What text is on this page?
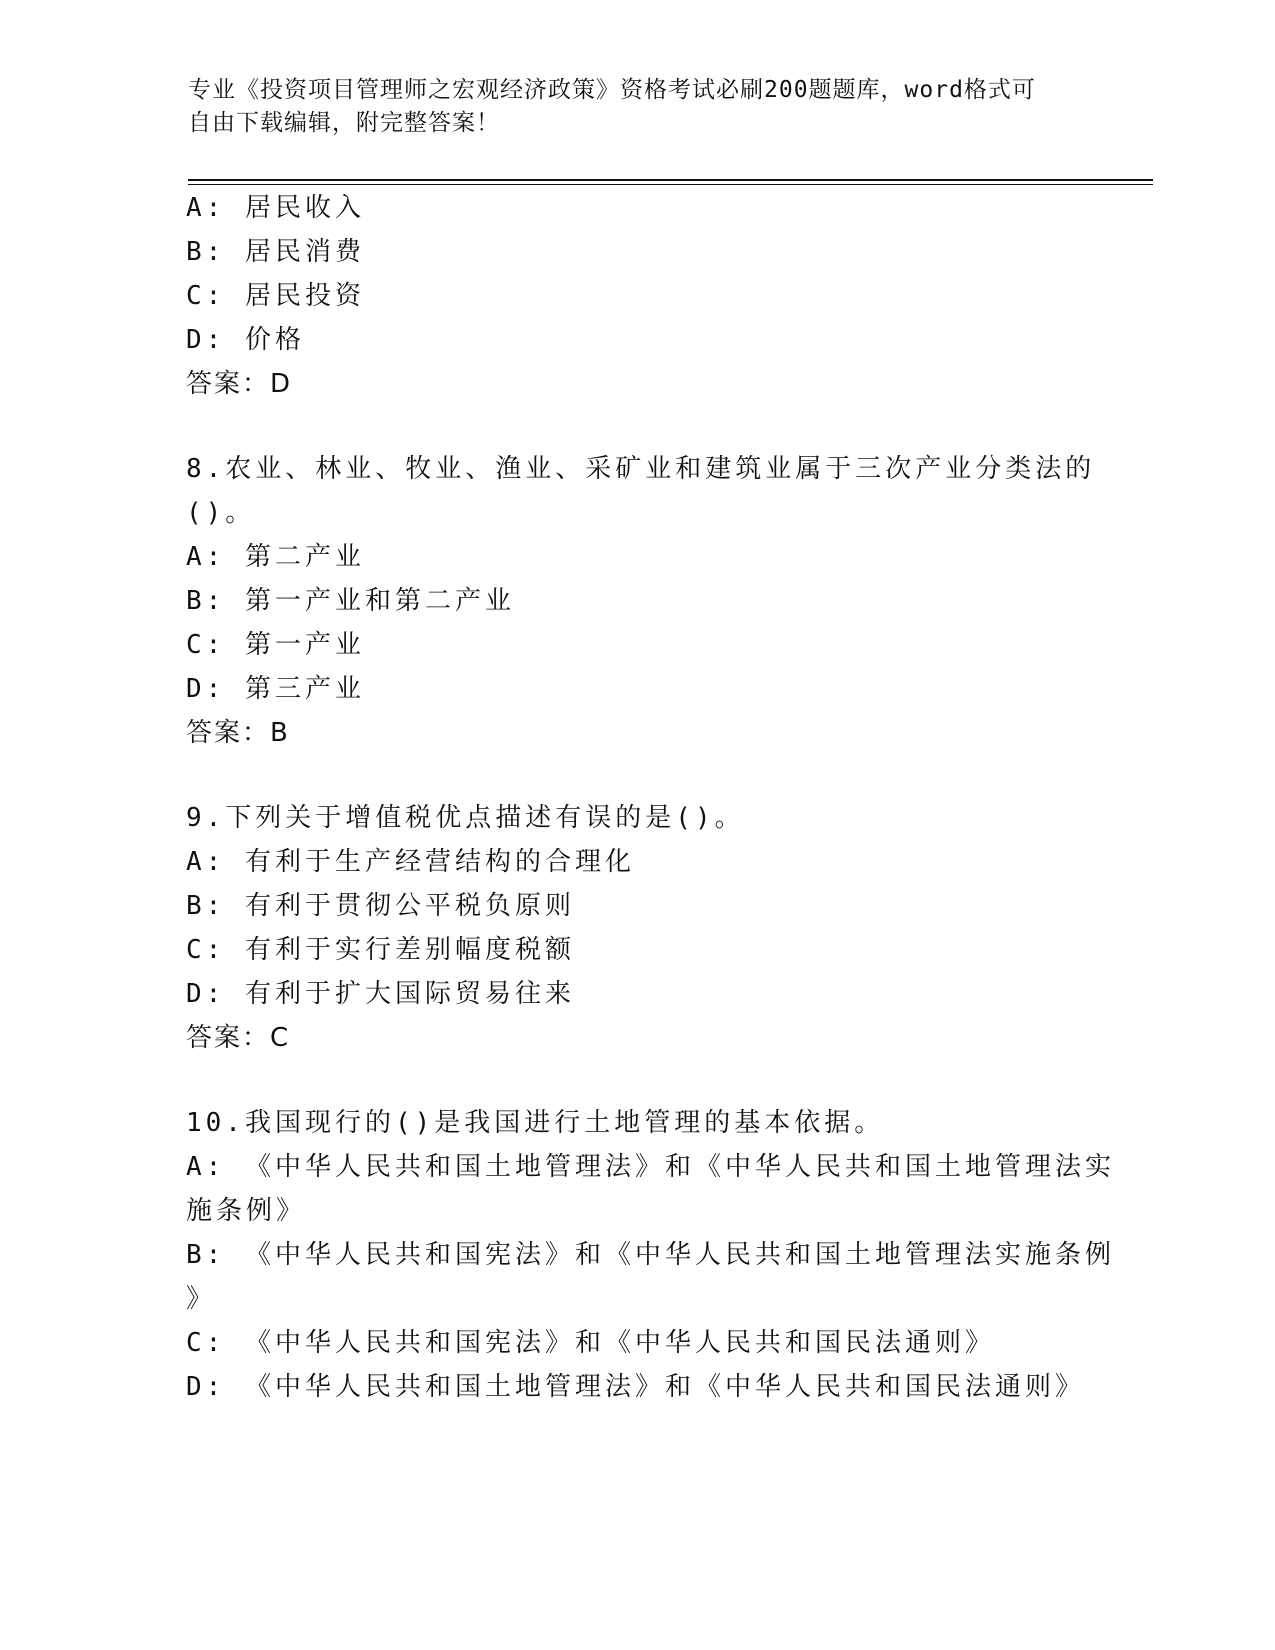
专业《投资项目管理师之宏观经济政策》资格考试必刷200题题库，word格式可
自由下载编辑，附完整答案！
A: 居民收入
B: 居民消费
C: 居民投资
D: 价格
答案：D
8.农业、林业、牧业、渔业、采矿业和建筑业属于三次产业分类法的
()。
A: 第二产业
B: 第一产业和第二产业
C: 第一产业
D: 第三产业
答案：B
9.下列关于增值税优点描述有误的是()。
A: 有利于生产经营结构的合理化
B: 有利于贯彻公平税负原则
C: 有利于实行差别幅度税额
D: 有利于扩大国际贸易往来
答案：C
10.我国现行的()是我国进行土地管理的基本依据。
A: 《中华人民共和国土地管理法》和《中华人民共和国土地管理法实
施条例》
B: 《中华人民共和国宪法》和《中华人民共和国土地管理法实施条例
》
C: 《中华人民共和国宪法》和《中华人民共和国民法通则》
D: 《中华人民共和国土地管理法》和《中华人民共和国民法通则》
